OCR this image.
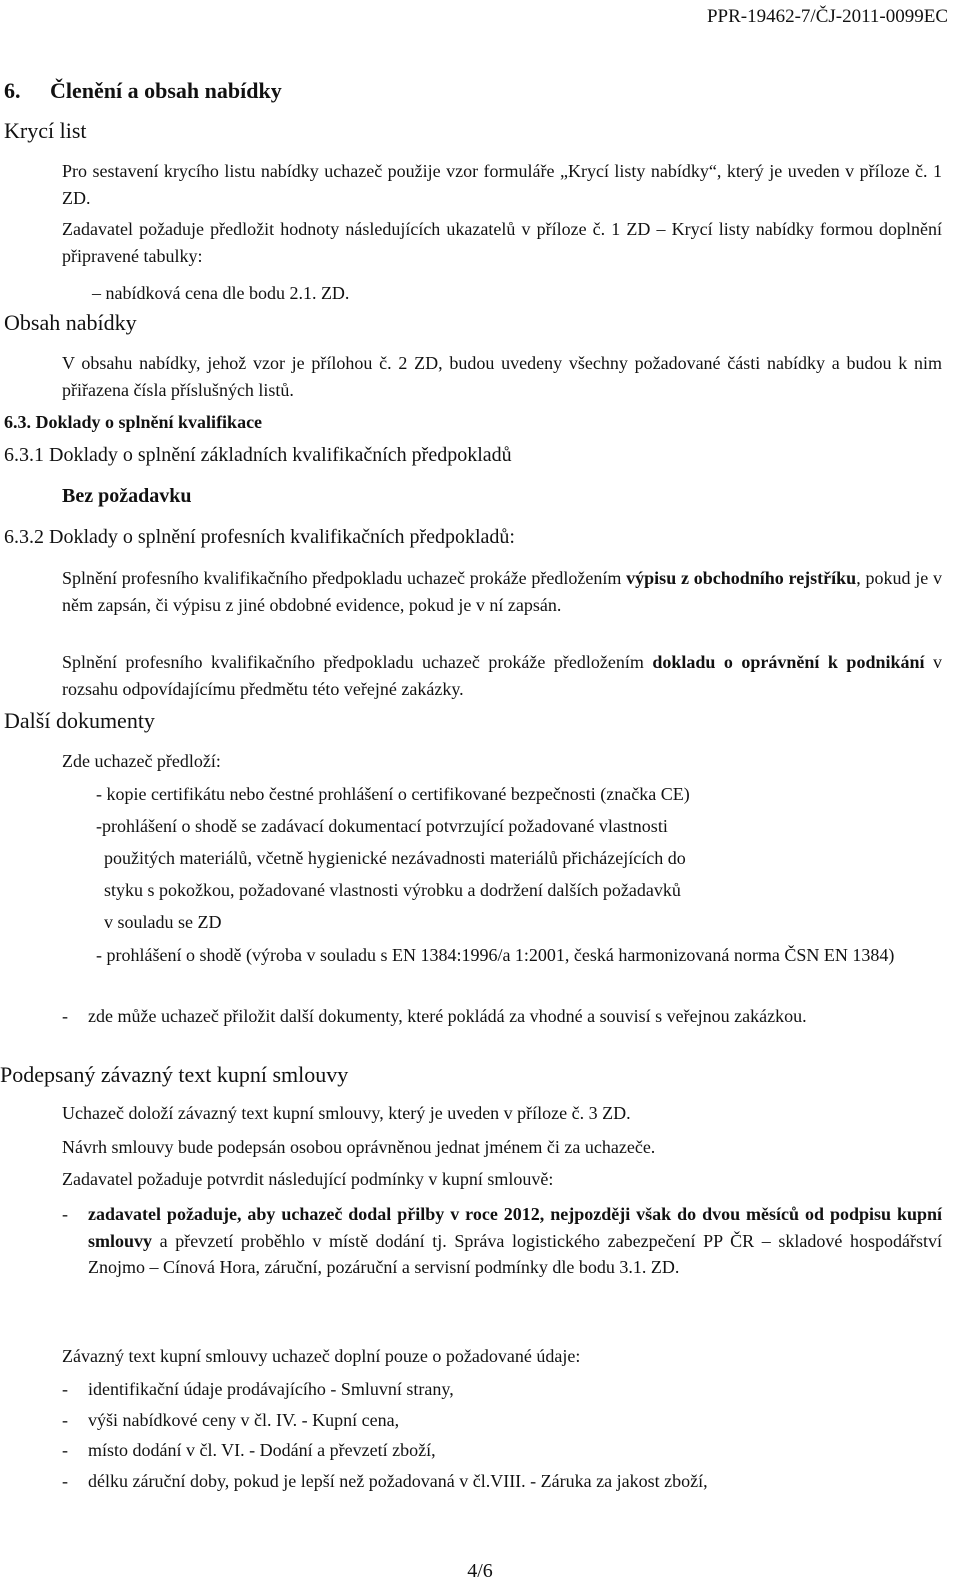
PPR-19462-7/ČJ-2011-0099EC
6. Členění a obsah nabídky
Krycí list
Pro sestavení krycího listu nabídky uchazeč použije vzor formuláře „Krycí listy nabídky“, který je uveden v příloze č. 1 ZD.
Zadavatel požaduje předložit hodnoty následujících ukazatelů v příloze č. 1 ZD – Krycí listy nabídky formou doplnění připravené tabulky:
– nabídková cena dle bodu 2.1. ZD.
Obsah nabídky
V obsahu nabídky, jehož vzor je přílohou č. 2 ZD, budou uvedeny všechny požadované části nabídky a budou k nim přiřazena čísla příslušných listů.
6.3. Doklady o splnění kvalifikace
6.3.1 Doklady o splnění základních kvalifikačních předpokladů
Bez požadavku
6.3.2 Doklady o splnění profesních kvalifikačních předpokladů:
Splnění profesního kvalifikačního předpokladu uchazeč prokáže předložením výpisu z obchodního rejstříku, pokud je v něm zapsán, či výpisu z jiné obdobné evidence, pokud je v ní zapsán.
Splnění profesního kvalifikačního předpokladu uchazeč prokáže předložením dokladu o oprávnění k podnikání v rozsahu odpovídajícímu předmětu této veřejné zakázky.
Další dokumenty
Zde uchazeč předloží:
- kopie certifikátu nebo čestné prohlášení o certifikované bezpečnosti (značka CE)
-prohlášení o shodě se zadávací dokumentací potvrzující požadované vlastnosti
použitých materiálů, včetně hygienické nezávadnosti materiálů přicházejících do
styku s pokožkou, požadované vlastnosti výrobku a dodržení dalších požadavků
v souladu se ZD
- prohlášení o shodě (výroba v souladu s EN 1384:1996/a 1:2001, česká harmonizovaná norma ČSN EN 1384)
- zde může uchazeč přiložit další dokumenty, které pokládá za vhodné a souvisí s veřejnou zakázkou.
Podepsaný závazný text kupní smlouvy
Uchazeč doloží závazný text kupní smlouvy, který je uveden v příloze č. 3 ZD.
Návrh smlouvy bude podepsán osobou oprávněnou jednat jménem či za uchazeče.
Zadavatel požaduje potvrdit následující podmínky v kupní smlouvě:
- zadavatel požaduje, aby uchazeč dodal přilby v roce 2012, nejpozději však do dvou měsíců od podpisu kupní smlouvy a převzetí proběhlo v místě dodání tj. Správa logistického zabezpečení PP ČR – skladové hospodářství Znojmo – Cínová Hora, záruční, pozáruční a servisní podmínky dle bodu 3.1. ZD.
Závazný text kupní smlouvy uchazeč doplní pouze o požadované údaje:
- identifikační údaje prodávajícího - Smluvní strany,
- výši nabídkové ceny v čl. IV. - Kupní cena,
- místo dodání v čl. VI. - Dodání a převzetí zboží,
- délku záruční doby, pokud je lepší než požadovaná v čl.VIII. - Záruka za jakost zboží,
4/6
